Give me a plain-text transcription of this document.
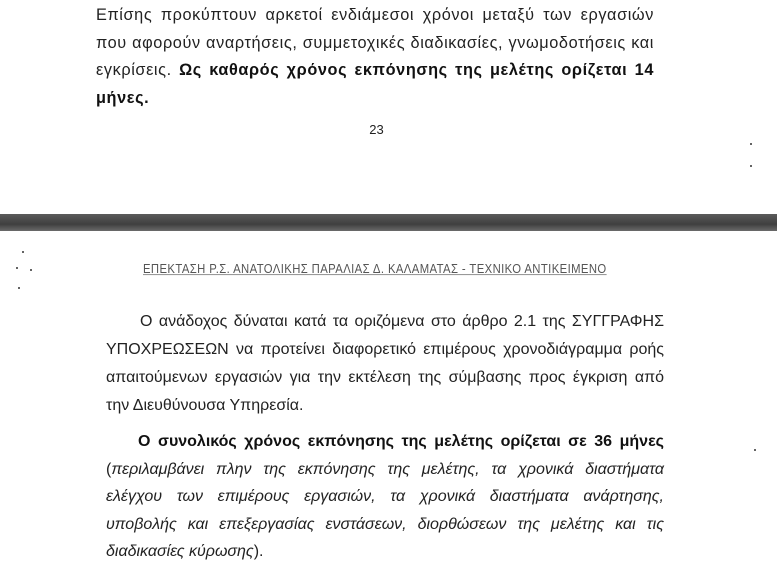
Επίσης προκύπτουν αρκετοί ενδιάμεσοι χρόνοι μεταξύ των εργασιών που αφορούν αναρτήσεις, συμμετοχικές διαδικασίες, γνωμοδοτήσεις και εγκρίσεις. Ως καθαρός χρόνος εκπόνησης της μελέτης ορίζεται 14 μήνες.

23
ΕΠΕΚΤΑΣΗ Ρ.Σ. ΑΝΑΤΟΛΙΚΗΣ ΠΑΡΑΛΙΑΣ Δ. ΚΑΛΑΜΑΤΑΣ - ΤΕΧΝΙΚΟ ΑΝΤΙΚΕΙΜΕΝΟ

Ο ανάδοχος δύναται κατά τα οριζόμενα στο άρθρο 2.1 της ΣΥΓΓΡΑΦΗΣ ΥΠΟΧΡΕΩΣΕΩΝ να προτείνει διαφορετικό επιμέρους χρονοδιάγραμμα ροής απαιτούμενων εργασιών για την εκτέλεση της σύμβασης προς έγκριση από την Διευθύνουσα Υπηρεσία.

Ο συνολικός χρόνος εκπόνησης της μελέτης ορίζεται σε 36 μήνες (περιλαμβάνει πλην της εκπόνησης της μελέτης, τα χρονικά διαστήματα ελέγχου των επιμέρους εργασιών, τα χρονικά διαστήματα ανάρτησης, υποβολής και επεξεργασίας ενστάσεων, διορθώσεων της μελέτης και τις διαδικασίες κύρωσης).
